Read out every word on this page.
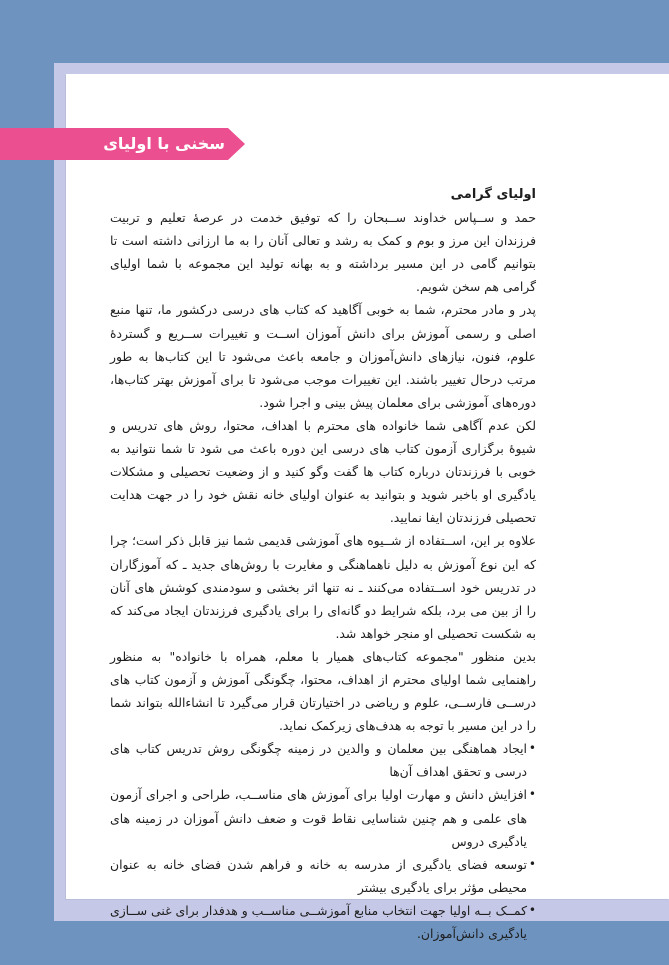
سخنی با اولیای گرامی

اولیای گرامی

حمد و ســپاس خداوند ســبحان را که توفیق خدمت در عرصهٔ تعلیم و تربیت فرزندان این مرز و بوم و کمک به رشد و تعالی آنان را به ما ارزانی داشته است تا بتوانیم گامی در این مسیر برداشته و به بهانه تولید این مجموعه با شما اولیای گرامی هم سخن شویم.

پدر و مادر محترم، شما به خوبی آگاهید که کتاب های درسی درکشور ما، تنها منبع اصلی و رسمی آموزش برای دانش آموزان اســت و تغییرات ســریع و گستردهٔ علوم، فنون، نیازهای دانش‌آموزان و جامعه باعث می‌شود تا این کتاب‌ها به طور مرتب درحال تغییر باشند. این تغییرات موجب می‌شود تا برای آموزش بهتر کتاب‌ها، دوره‌های آموزشی برای معلمان پیش بینی و اجرا شود.

لکن عدم آگاهی شما خانواده های محترم با اهداف، محتوا، روش های تدریس و شیوهٔ برگزاری آزمون کتاب های درسی این دوره باعث می شود تا شما نتوانید به خوبی با فرزندتان درباره کتاب ها گفت وگو کنید و از وضعیت تحصیلی و مشکلات یادگیری او باخبر شوید و بتوانید به عنوان اولیای خانه نقش خود را در جهت هدایت تحصیلی فرزندتان ایفا نمایید.

علاوه بر این، اســتفاده از شــیوه های آموزشی قدیمی شما نیز قابل ذکر است؛ چرا که این نوع آموزش به دلیل ناهماهنگی و مغایرت با روش‌های جدید ـ که آموزگاران در تدریس خود اســتفاده می‌کنند ـ نه تنها اثر بخشی و سودمندی کوشش های آنان را از بین می برد، بلکه شرایط دو گانه‌ای را برای یادگیری فرزندتان ایجاد می‌کند که به شکست تحصیلی او منجر خواهد شد.

بدین منظور "مجموعه کتاب‌های همیار با معلم، همراه با خانواده" به منظور راهنمایی شما اولیای محترم از اهداف، محتوا، چگونگی آموزش و آزمون کتاب های درســی فارســی، علوم و ریاضی در اختیارتان قرار می‌گیرد تا انشاءالله بتواند شما را در این مسیر با توجه به هدف‌های زیرکمک نماید.

•
ایجاد هماهنگی بین معلمان و والدین در زمینه چگونگی روش تدریس کتاب های درسی و تحقق اهداف آن‌ها
•
افزایش دانش و مهارت اولیا برای آموزش های مناســب، طراحی و اجرای آزمون های علمی و هم چنین شناسایی نقاط قوت و ضعف دانش آموزان در زمینه های یادگیری دروس
•
توسعه فضای یادگیری از مدرسه به خانه و فراهم شدن فضای خانه به عنوان محیطی مؤثر برای یادگیری بیشتر
•
کمــک بــه اولیا جهت انتخاب منابع آموزشــی مناســب و هدفدار برای غنی ســازی یادگیری دانش‌آموزان.
